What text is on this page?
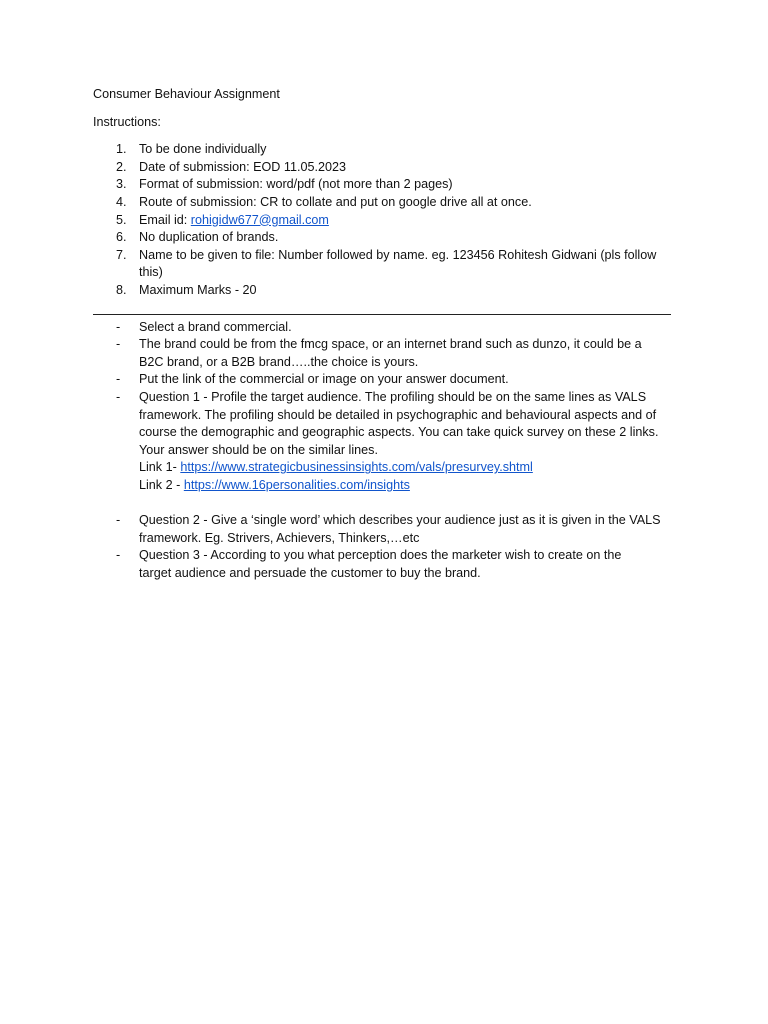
Consumer Behaviour Assignment
Instructions:
1. To be done individually
2. Date of submission: EOD 11.05.2023
3. Format of submission: word/pdf (not more than 2 pages)
4. Route of submission: CR to collate and put on google drive all at once.
5. Email id: rohigidw677@gmail.com
6. No duplication of brands.
7. Name to be given to file: Number followed by name. eg. 123456 Rohitesh Gidwani (pls follow
this)
8. Maximum Marks - 20
- Select a brand commercial.
- The brand could be from the fmcg space, or an internet brand such as dunzo, it could be a
B2C brand, or a B2B brand…..the choice is yours.
- Put the link of the commercial or image on your answer document.
- Question 1 - Profile the target audience. The profiling should be on the same lines as VALS
framework. The profiling should be detailed in psychographic and behavioural aspects and of
course the demographic and geographic aspects. You can take quick survey on these 2 links.
Your answer should be on the similar lines.
Link 1- https://www.strategicbusinessinsights.com/vals/presurvey.shtml
Link 2 - https://www.16personalities.com/insights
- Question 2 - Give a ‘single word’ which describes your audience just as it is given in the VALS
framework. Eg. Strivers, Achievers, Thinkers,…etc
- Question 3 - According to you what perception does the marketer wish to create on the
target audience and persuade the customer to buy the brand.
